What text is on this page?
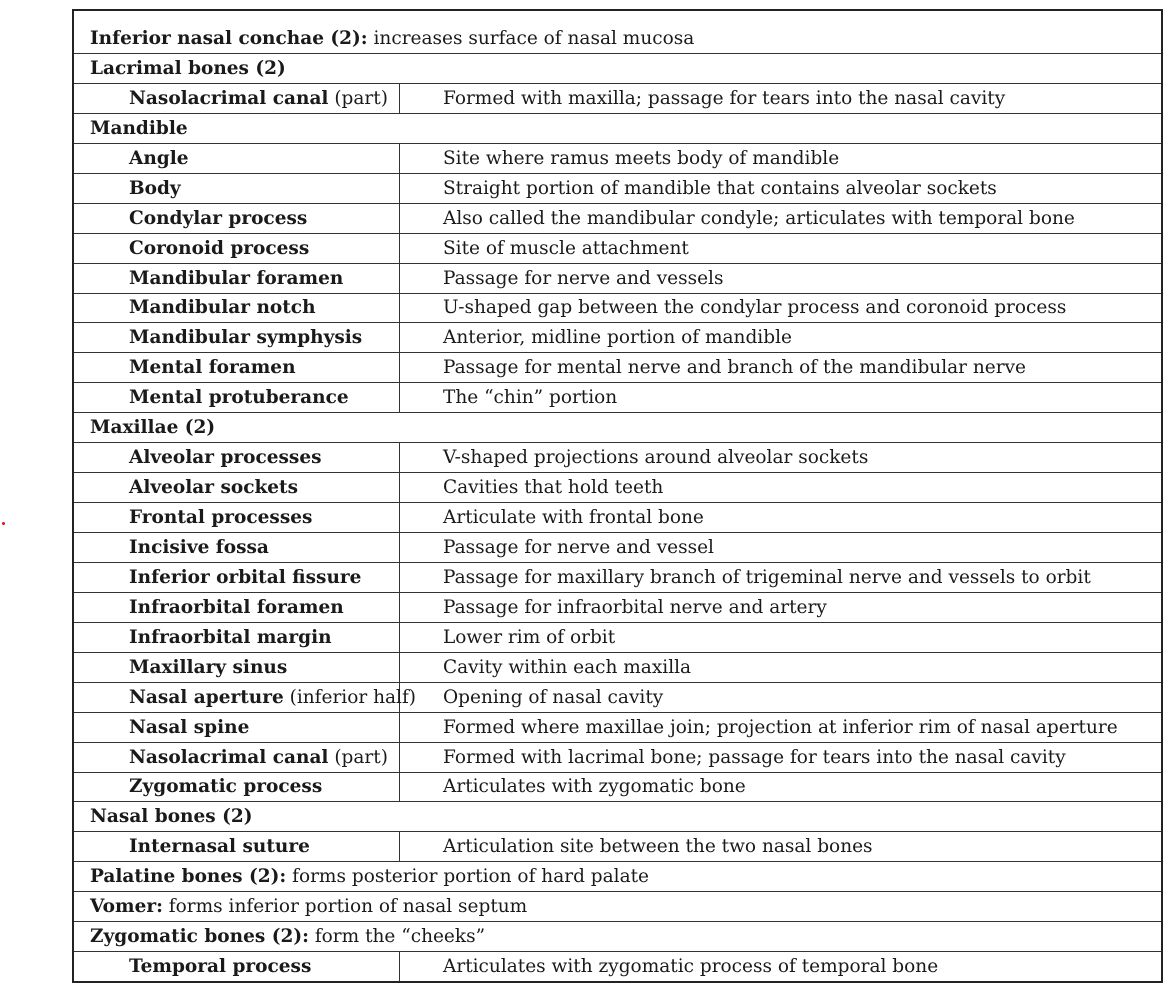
Inferior nasal conchae (2): increases surface of nasal mucosa
Lacrimal bones (2)
Nasolacrimal canal (part)	Formed with maxilla; passage for tears into the nasal cavity
Mandible
Angle	Site where ramus meets body of mandible
Body	Straight portion of mandible that contains alveolar sockets
Condylar process	Also called the mandibular condyle; articulates with temporal bone
Coronoid process	Site of muscle attachment
Mandibular foramen	Passage for nerve and vessels
Mandibular notch	U-shaped gap between the condylar process and coronoid process
Mandibular symphysis	Anterior, midline portion of mandible
Mental foramen	Passage for mental nerve and branch of the mandibular nerve
Mental protuberance	The “chin” portion
Maxillae (2)
Alveolar processes	V-shaped projections around alveolar sockets
Alveolar sockets	Cavities that hold teeth
Frontal processes	Articulate with frontal bone
Incisive fossa	Passage for nerve and vessel
Inferior orbital fissure	Passage for maxillary branch of trigeminal nerve and vessels to orbit
Infraorbital foramen	Passage for infraorbital nerve and artery
Infraorbital margin	Lower rim of orbit
Maxillary sinus	Cavity within each maxilla
Nasal aperture (inferior half)	Opening of nasal cavity
Nasal spine	Formed where maxillae join; projection at inferior rim of nasal aperture
Nasolacrimal canal (part)	Formed with lacrimal bone; passage for tears into the nasal cavity
Zygomatic process	Articulates with zygomatic bone
Nasal bones (2)
Internasal suture	Articulation site between the two nasal bones
Palatine bones (2): forms posterior portion of hard palate
Vomer: forms inferior portion of nasal septum
Zygomatic bones (2): form the “cheeks”
Temporal process	Articulates with zygomatic process of temporal bone
